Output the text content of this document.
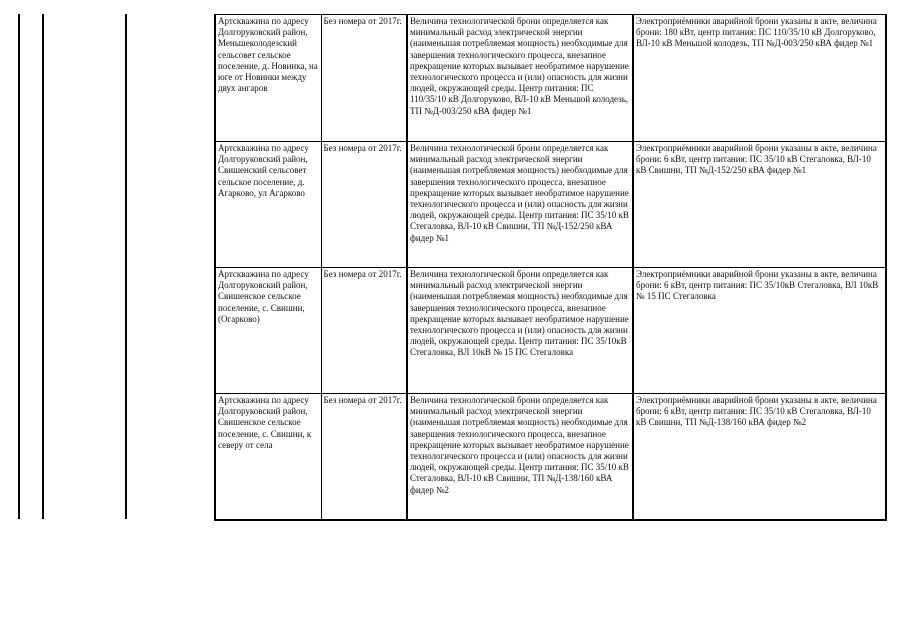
Артскважина по адресу Долгоруковский район, Меньшеколодезский сельсовет сельское поселение, д. Новинка, на юге от Новинки между двух ангаров	Без номера от 2017г.	Величина технологической брони определяется как минимальный расход электрической энергии (наименьшая потребляемая мощность) необходимые для завершения технологического процесса, внезапное прекращение которых вызывает необратимое нарушение технологического процесса и (или) опасность для жизни людей, окружающей среды. Центр питания: ПС 110/35/10 кВ Долгоруково, ВЛ-10 кВ Меньшой колодезь, ТП №Д-003/250 кВА фидер №1	Электроприёмники аварийной брони указаны в акте, величина брони: 180 кВт, центр питания: ПС 110/35/10 кВ Долгоруково, ВЛ-10 кВ Меньшой колодезь, ТП №Д-003/250 кВА фидер №1
Артскважина по адресу Долгоруковский район, Свишенский сельсовет сельское поселение, д. Агарково, ул Агарково	Без номера от 2017г.	Величина технологической брони определяется как минимальный расход электрической энергии (наименьшая потребляемая мощность) необходимые для завершения технологического процесса, внезапное прекращение которых вызывает необратимое нарушение технологического процесса и (или) опасность для жизни людей, окружающей среды. Центр питания: ПС 35/10 кВ Стегаловка, ВЛ-10 кВ Свишни, ТП №Д-152/250 кВА фидер №1	Электроприёмники аварийной брони указаны в акте, величина брони: 6 кВт, центр питания: ПС 35/10 кВ Стегаловка, ВЛ-10 кВ Свишни, ТП №Д-152/250 кВА фидер №1
Артскважина по адресу Долгоруковский район, Свишенское сельское поселение, с. Свишни, (Огарково)	Без номера от 2017г.	Величина технологической брони определяется как минимальный расход электрической энергии (наименьшая потребляемая мощность) необходимые для завершения технологического процесса, внезапное прекращение которых вызывает необратимое нарушение технологического процесса и (или) опасность для жизни людей, окружающей среды. Центр питания: ПС 35/10кВ Стегаловка, ВЛ 10кВ № 15 ПС Стегаловка	Электроприёмники аварийной брони указаны в акте, величина брони: 6 кВт, центр питания: ПС 35/10кВ Стегаловка, ВЛ 10кВ № 15 ПС Стегаловка
Артскважина по адресу Долгоруковский район, Свишенское сельское поселение, с. Свишни, к северу от села	Без номера от 2017г.	Величина технологической брони определяется как минимальный расход электрической энергии (наименьшая потребляемая мощность) необходимые для завершения технологического процесса, внезапное прекращение которых вызывает необратимое нарушение технологического процесса и (или) опасность для жизни людей, окружающей среды. Центр питания: ПС 35/10 кВ Стегаловка, ВЛ-10 кВ Свишни, ТП №Д-138/160 кВА фидер №2	Электроприёмники аварийной брони указаны в акте, величина брони: 6 кВт, центр питания: ПС 35/10 кВ Стегаловка, ВЛ-10 кВ Свишни, ТП №Д-138/160 кВА фидер №2
